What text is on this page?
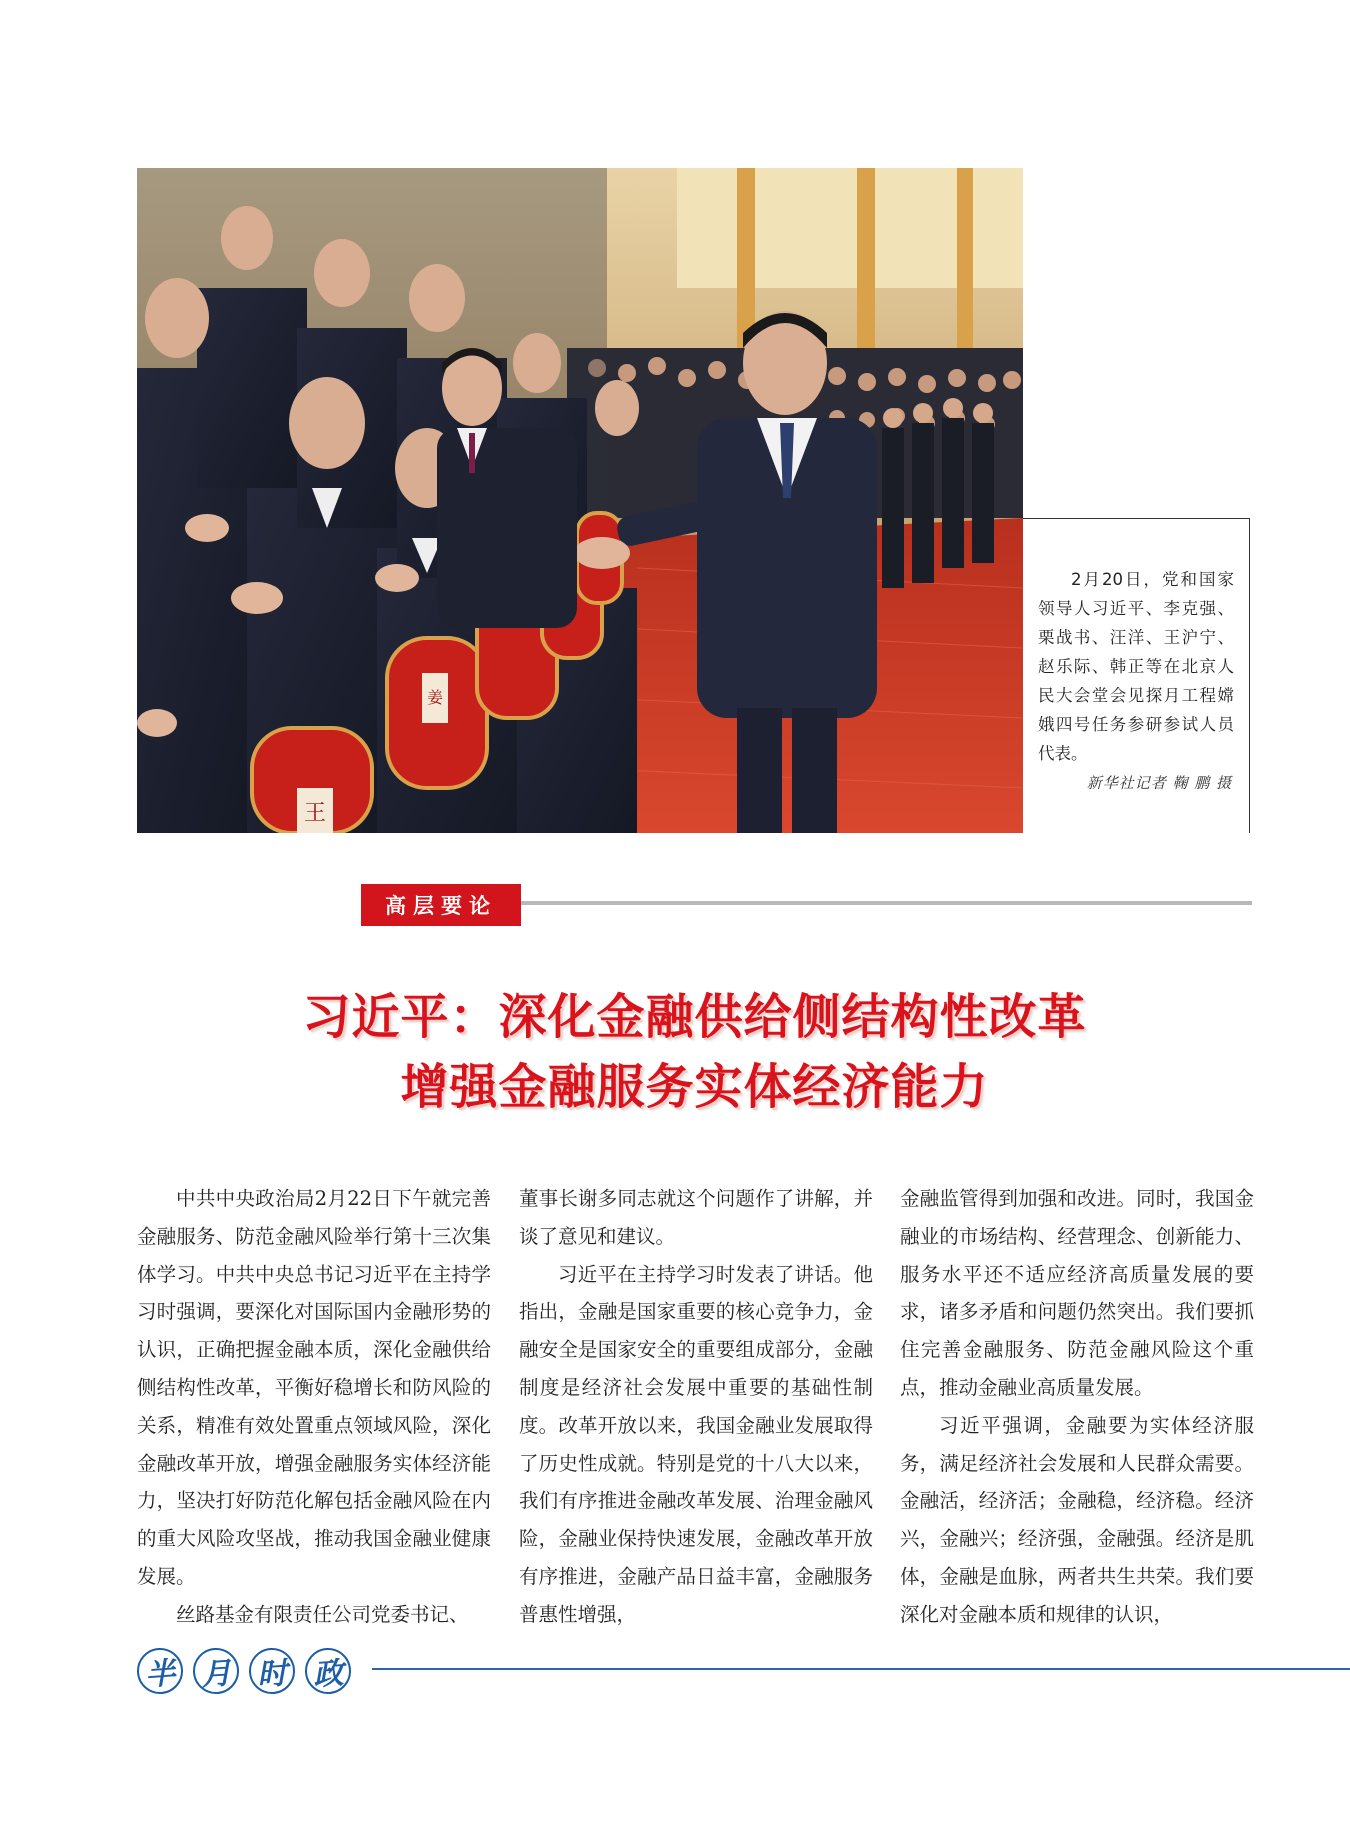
王
姜

2月20日，党和国家领导人习近平、李克强、栗战书、汪洋、王沪宁、赵乐际、韩正等在北京人民大会堂会见探月工程嫦娥四号任务参研参试人员代表。

新华社记者 鞠 鹏 摄
高层要论
习近平：深化金融供给侧结构性改革
增强金融服务实体经济能力

中共中央政治局2月22日下午就完善金融服务、防范金融风险举行第十三次集体学习。中共中央总书记习近平在主持学习时强调，要深化对国际国内金融形势的认识，正确把握金融本质，深化金融供给侧结构性改革，平衡好稳增长和防风险的关系，精准有效处置重点领域风险，深化金融改革开放，增强金融服务实体经济能力，坚决打好防范化解包括金融风险在内的重大风险攻坚战，推动我国金融业健康发展。

丝路基金有限责任公司党委书记、

董事长谢多同志就这个问题作了讲解，并谈了意见和建议。

习近平在主持学习时发表了讲话。他指出，金融是国家重要的核心竞争力，金融安全是国家安全的重要组成部分，金融制度是经济社会发展中重要的基础性制度。改革开放以来，我国金融业发展取得了历史性成就。特别是党的十八大以来，我们有序推进金融改革发展、治理金融风险，金融业保持快速发展，金融改革开放有序推进，金融产品日益丰富，金融服务普惠性增强，

金融监管得到加强和改进。同时，我国金融业的市场结构、经营理念、创新能力、服务水平还不适应经济高质量发展的要求，诸多矛盾和问题仍然突出。我们要抓住完善金融服务、防范金融风险这个重点，推动金融业高质量发展。

习近平强调，金融要为实体经济服务，满足经济社会发展和人民群众需要。金融活，经济活；金融稳，经济稳。经济兴，金融兴；经济强，金融强。经济是肌体，金融是血脉，两者共生共荣。我们要深化对金融本质和规律的认识，

半 月 时 政
